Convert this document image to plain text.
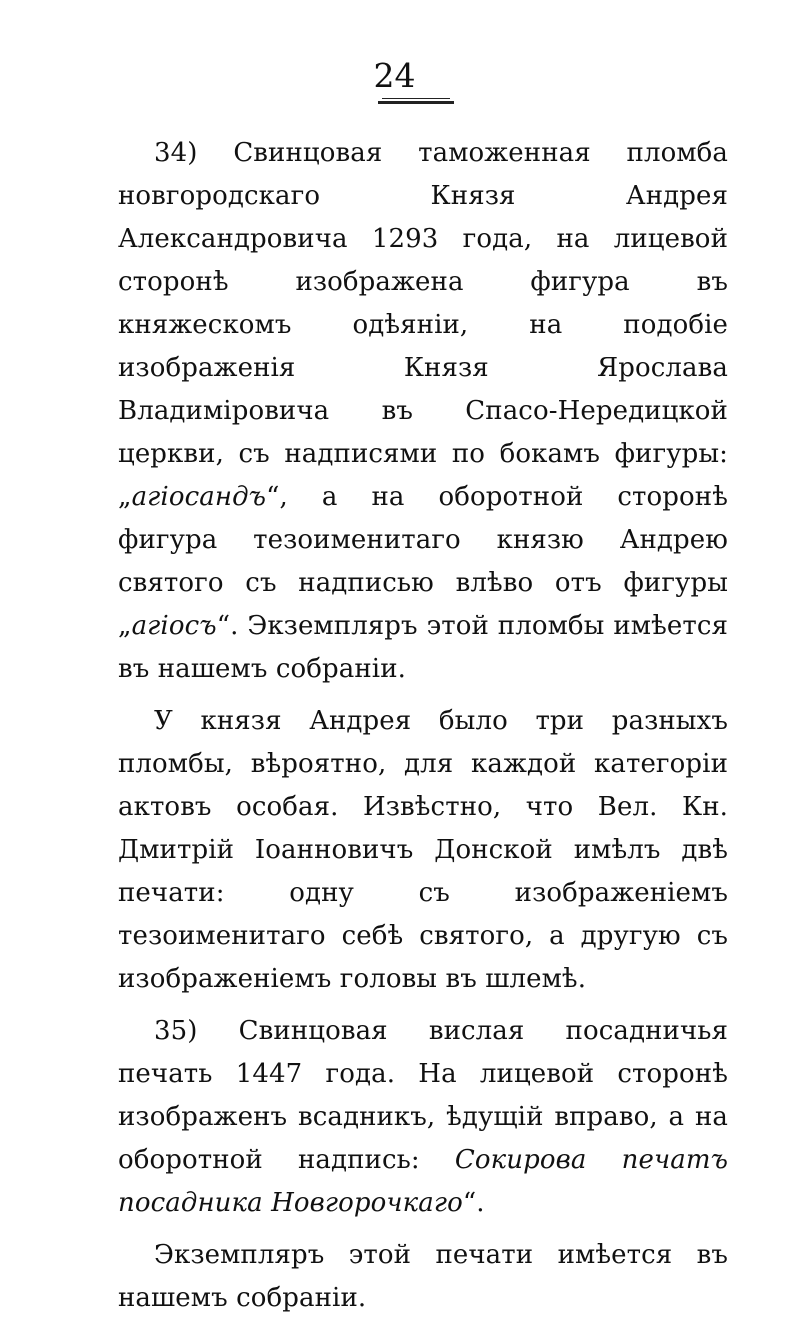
24

34) Свинцовая таможенная пломба новгородскаго Князя Андрея Александровича 1293 года, на лицевой сторонѣ изображена фигура въ княжескомъ одѣяніи, на подобіе изображенія Князя Ярослава Владиміровича въ Спасо-Нередицкой церкви, съ надписями по бокамъ фигуры: „агіосандъ“, а на оборотной сторонѣ фигура тезоименитаго князю Андрею святого съ надписью влѣво отъ фигуры „агіосъ“. Экземпляръ этой пломбы имѣется въ нашемъ собраніи.

У князя Андрея было три разныхъ пломбы, вѣроятно, для каждой категоріи актовъ особая. Извѣстно, что Вел. Кн. Дмитрій Іоанновичъ Донской имѣлъ двѣ печати: одну съ изображеніемъ тезоименитаго себѣ святого, а другую съ изображеніемъ головы въ шлемѣ.

35) Свинцовая вислая посадничья печать 1447 года. На лицевой сторонѣ изображенъ всадникъ, ѣдущій вправо, а на оборотной надпись: Сокирова печатъ посадника Новгорочкаго“.

Экземпляръ этой печати имѣется въ нашемъ собраніи.
